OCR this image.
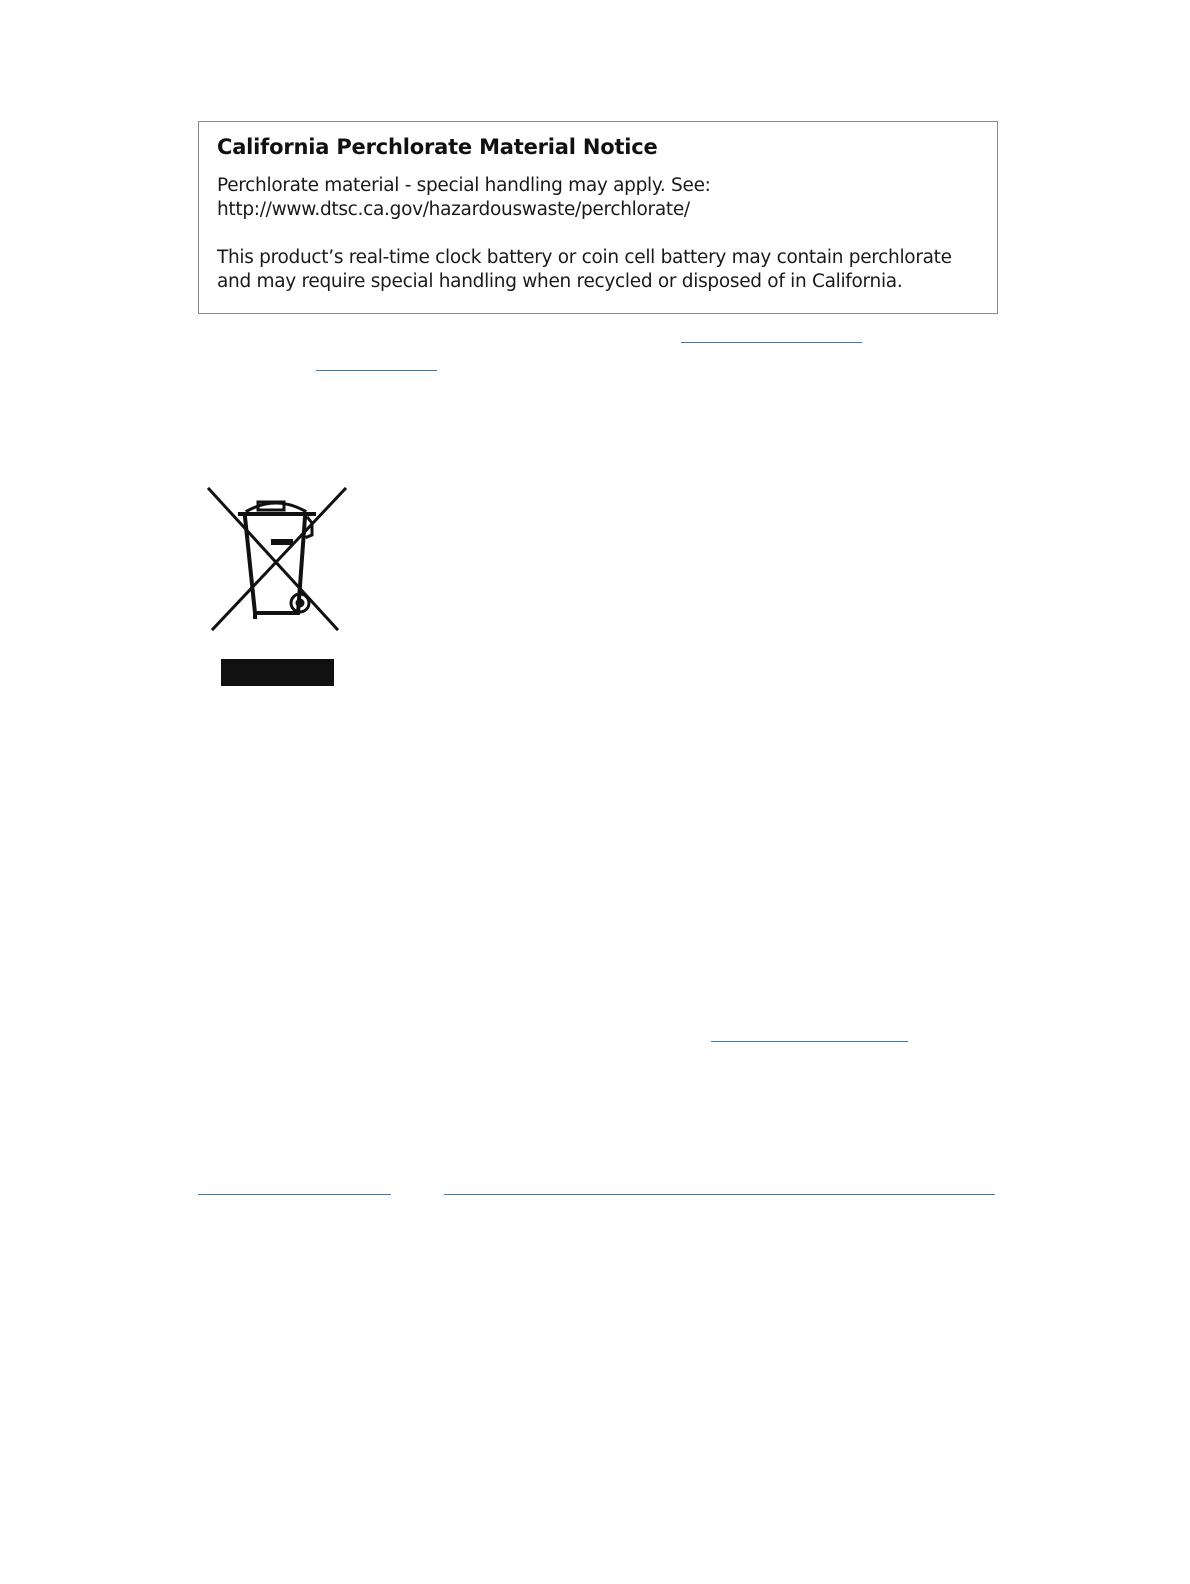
California Perchlorate Material Notice

Perchlorate material - special handling may apply. See:
http://www.dtsc.ca.gov/hazardouswaste/perchlorate/

This product’s real-time clock battery or coin cell battery may contain perchlorate and may require special handling when recycled or disposed of in California.
